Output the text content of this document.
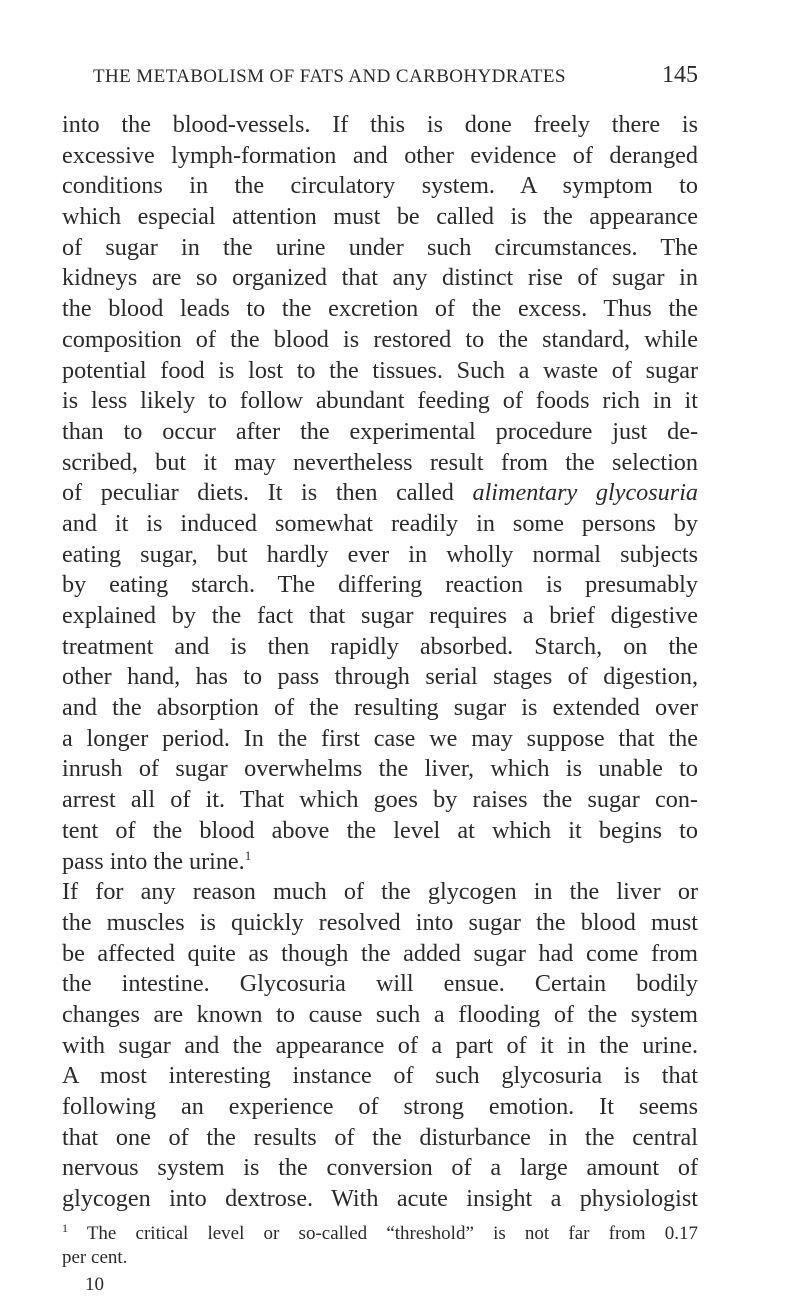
THE METABOLISM OF FATS AND CARBOHYDRATES	145
into the blood-vessels. If this is done freely there is
excessive lymph-formation and other evidence of deranged
conditions in the circulatory system. A symptom to
which especial attention must be called is the appearance
of sugar in the urine under such circumstances. The
kidneys are so organized that any distinct rise of sugar in
the blood leads to the excretion of the excess. Thus the
composition of the blood is restored to the standard, while
potential food is lost to the tissues. Such a waste of sugar
is less likely to follow abundant feeding of foods rich in it
than to occur after the experimental procedure just de-
scribed, but it may nevertheless result from the selection
of peculiar diets. It is then called alimentary glycosuria
and it is induced somewhat readily in some persons by
eating sugar, but hardly ever in wholly normal subjects
by eating starch. The differing reaction is presumably
explained by the fact that sugar requires a brief digestive
treatment and is then rapidly absorbed. Starch, on the
other hand, has to pass through serial stages of digestion,
and the absorption of the resulting sugar is extended over
a longer period. In the first case we may suppose that the
inrush of sugar overwhelms the liver, which is unable to
arrest all of it. That which goes by raises the sugar con-
tent of the blood above the level at which it begins to
pass into the urine.$^1$
If for any reason much of the glycogen in the liver or
the muscles is quickly resolved into sugar the blood must
be affected quite as though the added sugar had come from
the intestine. Glycosuria will ensue. Certain bodily
changes are known to cause such a flooding of the system
with sugar and the appearance of a part of it in the urine.
A most interesting instance of such glycosuria is that
following an experience of strong emotion. It seems
that one of the results of the disturbance in the central
nervous system is the conversion of a large amount of
glycogen into dextrose. With acute insight a physiologist
$^1$ The critical level or so-called “threshold” is not far from 0.17
per cent.
10
